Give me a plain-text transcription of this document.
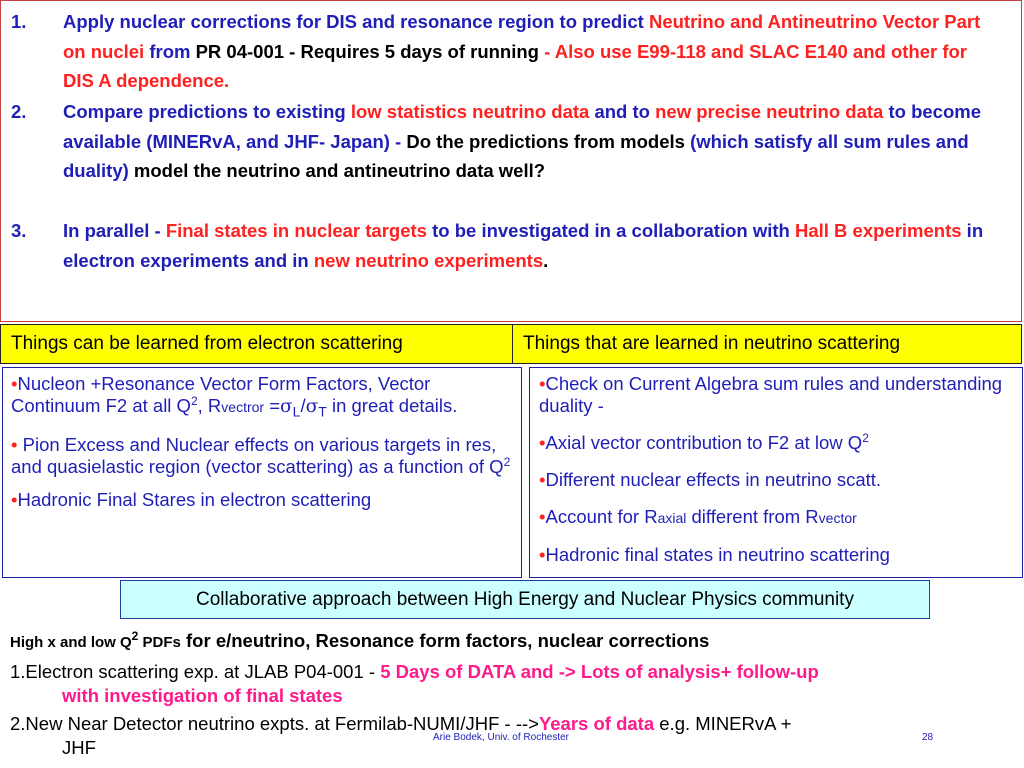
1. Apply nuclear corrections for DIS and resonance region to predict Neutrino and Antineutrino Vector Part on nuclei from PR 04-001 - Requires 5 days of running - Also use E99-118 and SLAC E140 and other for DIS A dependence.
2. Compare predictions to existing low statistics neutrino data and to new precise neutrino data to become available (MINERvA, and JHF- Japan) - Do the predictions from models (which satisfy all sum rules and duality) model the neutrino and antineutrino data well?
3. In parallel - Final states in nuclear targets to be investigated in a collaboration with Hall B experiments in electron experiments and in new neutrino experiments.
Things can be learned from electron scattering	Things that are learned in neutrino scattering
•Nucleon +Resonance Vector Form Factors, Vector Continuum F2 at all $Q^2$, Rvectror $=\sigma_L/\sigma_T$ in great details.
• Pion Excess and Nuclear effects on various targets in res, and quasielastic region (vector scattering) as a function of $Q^2$
•Hadronic Final Stares in electron scattering
•Check on Current Algebra sum rules and understanding duality -
•Axial vector contribution to F2 at low $Q^2$
•Different nuclear effects in neutrino scatt.
•Account for Raxial different from Rvector
•Hadronic final states in neutrino scattering
Collaborative approach between High Energy and Nuclear Physics community
High x and low $Q^2$ PDFs for e/neutrino, Resonance form factors, nuclear corrections
1.Electron scattering exp. at JLAB P04-001 - 5 Days of DATA and -> Lots of analysis+ follow-up
with investigation of final states
2.New Near Detector neutrino expts. at Fermilab-NUMI/JHF - -->Years of data e.g. MINERvA +
JHF	Arie Bodek, Univ. of Rochester	28
